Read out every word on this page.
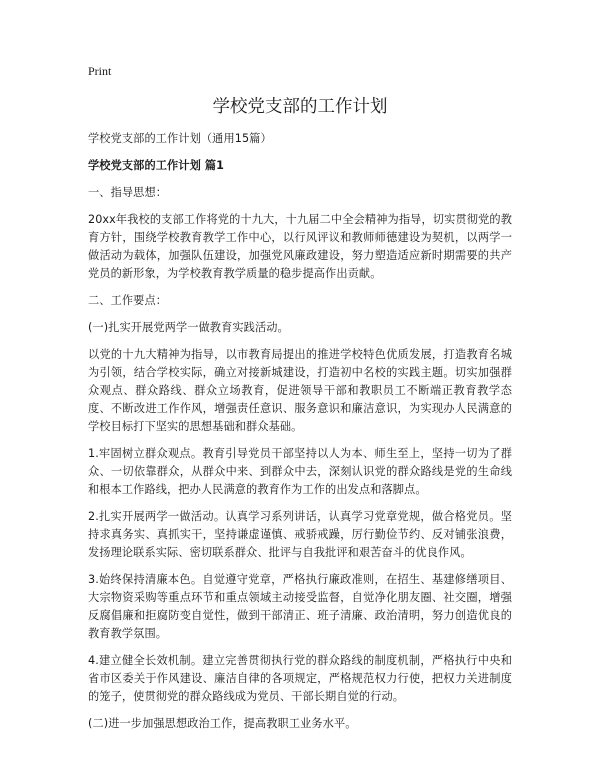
Print
学校党支部的工作计划

学校党支部的工作计划（通用15篇）

学校党支部的工作计划 篇1

一、指导思想：

20xx年我校的支部工作将党的十九大，十九届二中全会精神为指导，切实贯彻党的教育方针，围绕学校教育教学工作中心，以行风评议和教师师德建设为契机，以两学一做活动为载体，加强队伍建设，加强党风廉政建设，努力塑造适应新时期需要的共产党员的新形象，为学校教育教学质量的稳步提高作出贡献。

二、工作要点：

(一)扎实开展党两学一做教育实践活动。

以党的十九大精神为指导，以市教育局提出的推进学校特色优质发展，打造教育名城为引领，结合学校实际，确立对接新城建设，打造初中名校的实践主题。切实加强群众观点、群众路线、群众立场教育，促进领导干部和教职员工不断端正教育教学态度、不断改进工作作风，增强责任意识、服务意识和廉洁意识，为实现办人民满意的学校目标打下坚实的思想基础和群众基础。

1.牢固树立群众观点。教育引导党员干部坚持以人为本、师生至上，坚持一切为了群众、一切依靠群众，从群众中来、到群众中去，深刻认识党的群众路线是党的生命线和根本工作路线，把办人民满意的教育作为工作的出发点和落脚点。

2.扎实开展两学一做活动。认真学习系列讲话，认真学习党章党规，做合格党员。坚持求真务实、真抓实干，坚持谦虚谨慎、戒骄戒躁，厉行勤俭节约、反对铺张浪费，发扬理论联系实际、密切联系群众、批评与自我批评和艰苦奋斗的优良作风。

3.始终保持清廉本色。自觉遵守党章，严格执行廉政准则，在招生、基建修缮项目、大宗物资采购等重点环节和重点领域主动接受监督，自觉净化朋友圈、社交圈，增强反腐倡廉和拒腐防变自觉性，做到干部清正、班子清廉、政治清明，努力创造优良的教育教学氛围。

4.建立健全长效机制。建立完善贯彻执行党的群众路线的制度机制，严格执行中央和省市区委关于作风建设、廉洁自律的各项规定，严格规范权力行使，把权力关进制度的笼子，使贯彻党的群众路线成为党员、干部长期自觉的行动。

(二)进一步加强思想政治工作，提高教职工业务水平。
